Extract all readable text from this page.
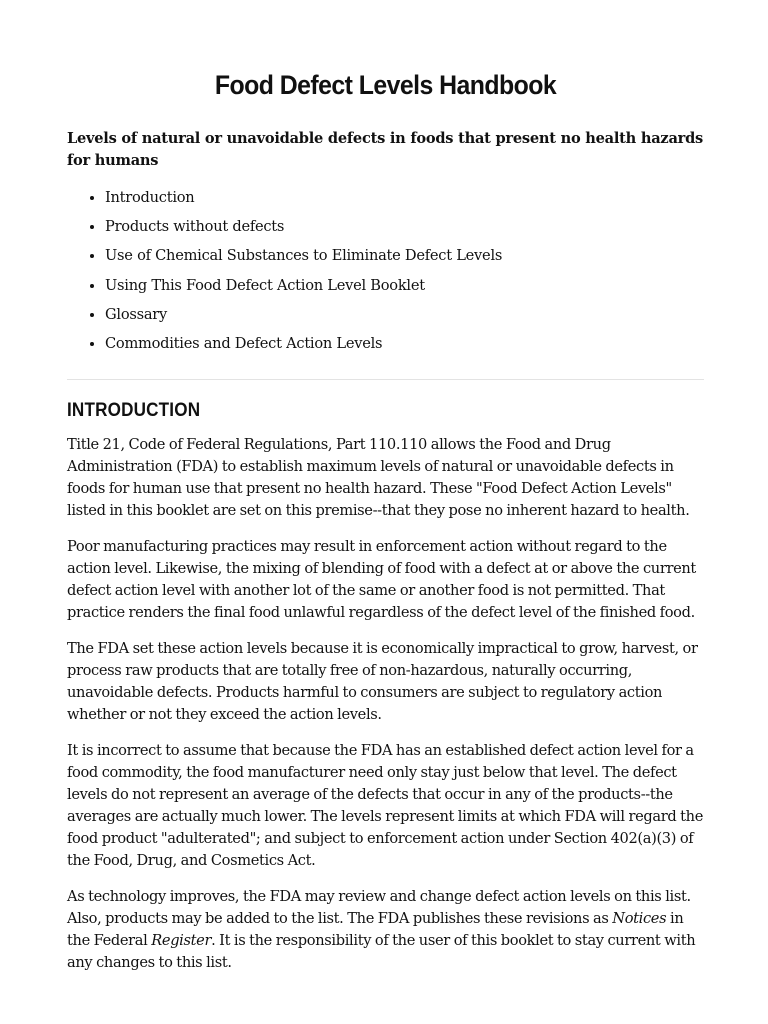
Food Defect Levels Handbook

Levels of natural or unavoidable defects in foods that present no health hazards for humans

• Introduction
• Products without defects
• Use of Chemical Substances to Eliminate Defect Levels
• Using This Food Defect Action Level Booklet
• Glossary
• Commodities and Defect Action Levels
INTRODUCTION

Title 21, Code of Federal Regulations, Part 110.110 allows the Food and Drug Administration (FDA) to establish maximum levels of natural or unavoidable defects in foods for human use that present no health hazard. These "Food Defect Action Levels" listed in this booklet are set on this premise--that they pose no inherent hazard to health.

Poor manufacturing practices may result in enforcement action without regard to the action level. Likewise, the mixing of blending of food with a defect at or above the current defect action level with another lot of the same or another food is not permitted. That practice renders the final food unlawful regardless of the defect level of the finished food.

The FDA set these action levels because it is economically impractical to grow, harvest, or process raw products that are totally free of non-hazardous, naturally occurring, unavoidable defects. Products harmful to consumers are subject to regulatory action whether or not they exceed the action levels.

It is incorrect to assume that because the FDA has an established defect action level for a food commodity, the food manufacturer need only stay just below that level. The defect levels do not represent an average of the defects that occur in any of the products--the averages are actually much lower. The levels represent limits at which FDA will regard the food product "adulterated"; and subject to enforcement action under Section 402(a)(3) of the Food, Drug, and Cosmetics Act.

As technology improves, the FDA may review and change defect action levels on this list. Also, products may be added to the list. The FDA publishes these revisions as Notices in the Federal Register. It is the responsibility of the user of this booklet to stay current with any changes to this list.
